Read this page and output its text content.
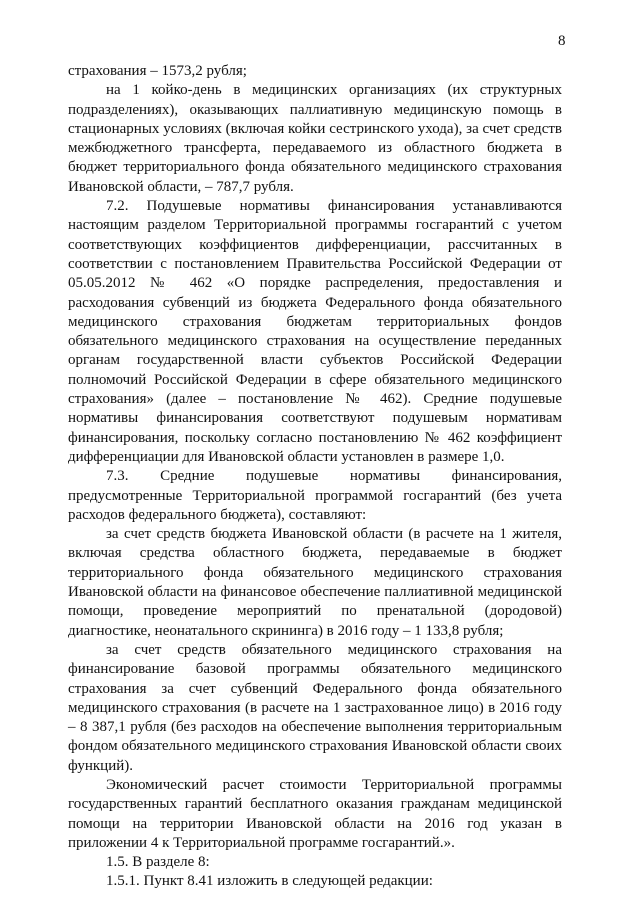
8

страхования – 1573,2 рубля;

на 1 койко-день в медицинских организациях (их структурных подразделениях), оказывающих паллиативную медицинскую помощь в стационарных условиях (включая койки сестринского ухода), за счет средств межбюджетного трансферта, передаваемого из областного бюджета в бюджет территориального фонда обязательного медицинского страхования Ивановской области, – 787,7 рубля.

7.2. Подушевые нормативы финансирования устанавливаются настоящим разделом Территориальной программы госгарантий с учетом соответствующих коэффициентов дифференциации, рассчитанных в соответствии с постановлением Правительства Российской Федерации от 05.05.2012 № 462 «О порядке распределения, предоставления и расходования субвенций из бюджета Федерального фонда обязательного медицинского страхования бюджетам территориальных фондов обязательного медицинского страхования на осуществление переданных органам государственной власти субъектов Российской Федерации полномочий Российской Федерации в сфере обязательного медицинского страхования» (далее – постановление № 462). Средние подушевые нормативы финансирования соответствуют подушевым нормативам финансирования, поскольку согласно постановлению № 462 коэффициент дифференциации для Ивановской области установлен в размере 1,0.

7.3. Средние подушевые нормативы финансирования, предусмотренные Территориальной программой госгарантий (без учета расходов федерального бюджета), составляют:

за счет средств бюджета Ивановской области (в расчете на 1 жителя, включая средства областного бюджета, передаваемые в бюджет территориального фонда обязательного медицинского страхования Ивановской области на финансовое обеспечение паллиативной медицинской помощи, проведение мероприятий по пренатальной (дородовой) диагностике, неонатального скрининга) в 2016 году – 1 133,8 рубля;

за счет средств обязательного медицинского страхования на финансирование базовой программы обязательного медицинского страхования за счет субвенций Федерального фонда обязательного медицинского страхования (в расчете на 1 застрахованное лицо) в 2016 году – 8 387,1 рубля (без расходов на обеспечение выполнения территориальным фондом обязательного медицинского страхования Ивановской области своих функций).

Экономический расчет стоимости Территориальной программы государственных гарантий бесплатного оказания гражданам медицинской помощи на территории Ивановской области на 2016 год указан в приложении 4 к Территориальной программе госгарантий.».

1.5. В разделе 8:

1.5.1. Пункт 8.41 изложить в следующей редакции:
